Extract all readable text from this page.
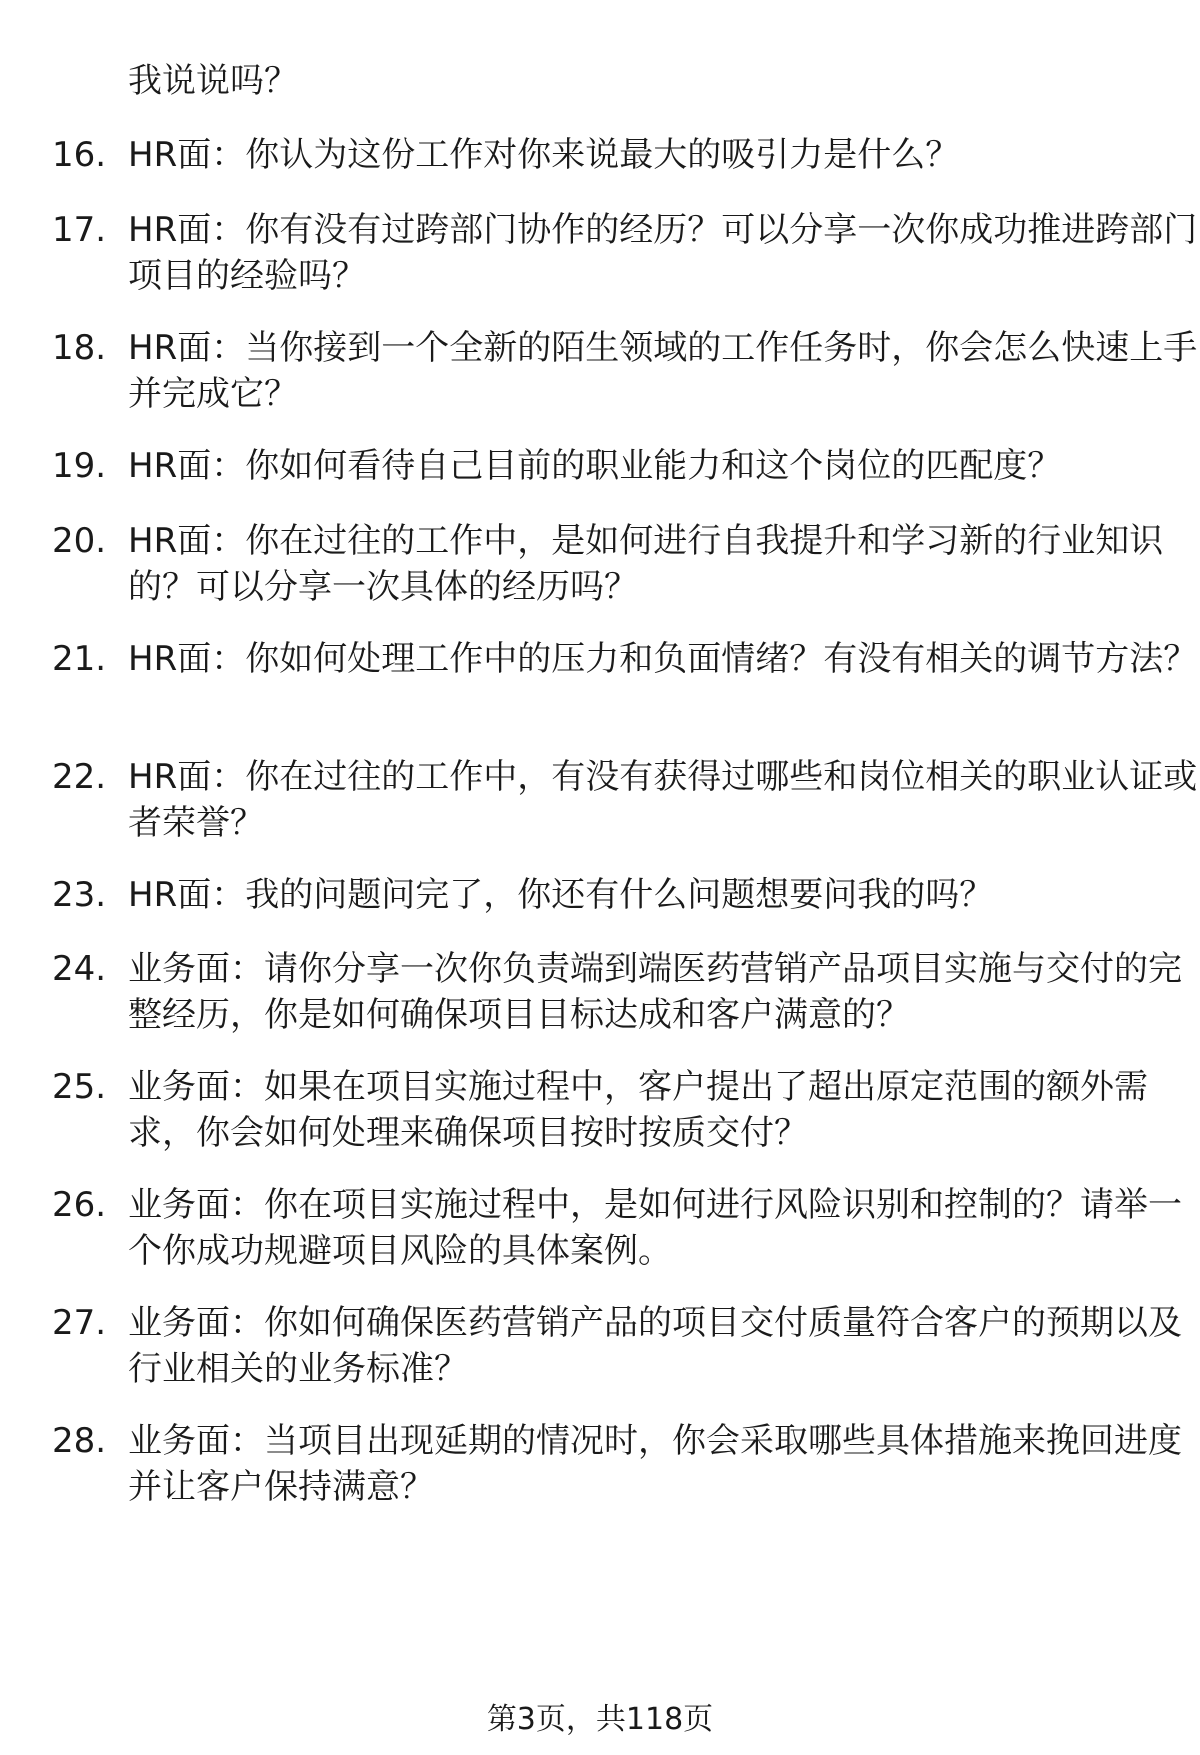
我说说吗？
16. HR面：你认为这份工作对你来说最大的吸引力是什么？
17. HR面：你有没有过跨部门协作的经历？可以分享一次你成功推进跨部门项目的经验吗？
18. HR面：当你接到一个全新的陌生领域的工作任务时，你会怎么快速上手并完成它？
19. HR面：你如何看待自己目前的职业能力和这个岗位的匹配度？
20. HR面：你在过往的工作中，是如何进行自我提升和学习新的行业知识的？可以分享一次具体的经历吗？
21. HR面：你如何处理工作中的压力和负面情绪？有没有相关的调节方法？
22. HR面：你在过往的工作中，有没有获得过哪些和岗位相关的职业认证或者荣誉？
23. HR面：我的问题问完了，你还有什么问题想要问我的吗？
24. 业务面：请你分享一次你负责端到端医药营销产品项目实施与交付的完整经历，你是如何确保项目目标达成和客户满意的？
25. 业务面：如果在项目实施过程中，客户提出了超出原定范围的额外需求，你会如何处理来确保项目按时按质交付？
26. 业务面：你在项目实施过程中，是如何进行风险识别和控制的？请举一个你成功规避项目风险的具体案例。
27. 业务面：你如何确保医药营销产品的项目交付质量符合客户的预期以及行业相关的业务标准？
28. 业务面：当项目出现延期的情况时，你会采取哪些具体措施来挽回进度并让客户保持满意？
第3页，共118页
